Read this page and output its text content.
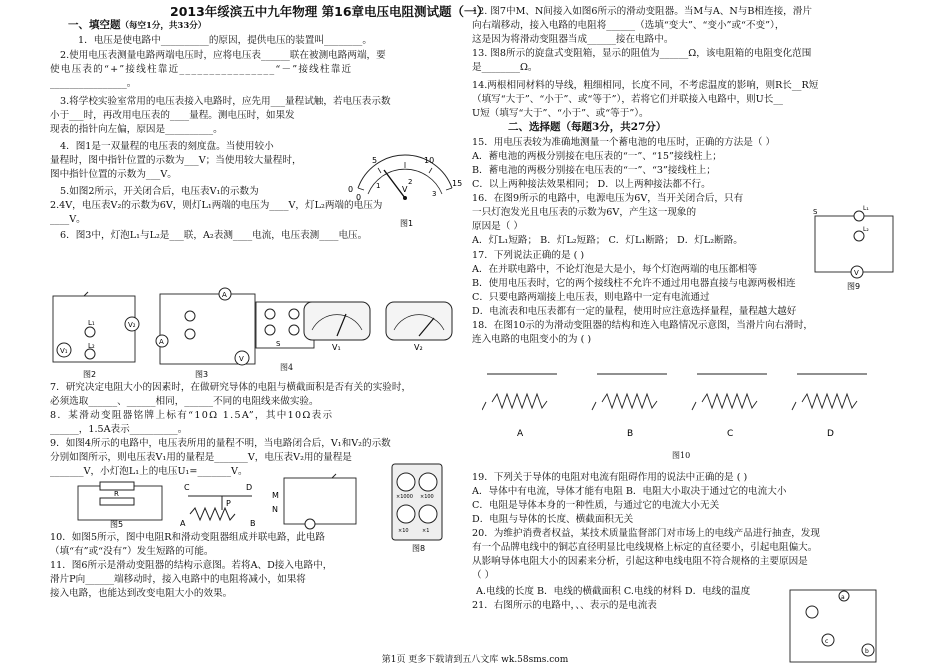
2013年绥滨五中九年物理 第16章电压电阻测试题（一）
一、填空题（每空1分，共33分）
1．电压是使电路中__________的原因，提供电压的装置叫________。
2.使用电压表测量电路两端电压时，应将电压表______联在被测电路两端，要
使电压表的“+”接线柱靠近________________“－”接线柱靠近
________________。
3.将学校实验室常用的电压表接入电路时，应先用___量程试触，若电压表示数
小于___时，再改用电压表的____量程。测电压时，如果发
现表的指针向左偏，原因是__________。
4．图1是一双量程的电压表的刻度盘。当使用较小
量程时，图中指针位置的示数为___V；当使用较大量程时，
图中指针位置的示数为___V。
5.如图2所示，开关闭合后，电压表V₁的示数为
2.4V，电压表V₂的示数为6V，则灯L₁两端的电压为____V，灯L₂两端的电压为
____V。
6．图3中，灯泡L₁与L₂是___联，A₂表测____电流，电压表测____电压。
0
5	10
15
1	2
3
V
0
图1
V₂
V₁
L₁
L₂
图2
A
A
V
图3
S	V₁	V₂
图4
7．研究决定电阻大小的因素时，在做研究导体的电阻与横截面积是否有关的实验时，
必须选取______、______相同，______不同的电阻线来做实验。
8．某滑动变阻器铭牌上标有“10Ω 1.5A”，其中10Ω表示
______，1.5A表示__________。
9．如图4所示的电路中，电压表所用的量程不明，当电路闭合后，V₁和V₂的示数
分别如图所示，则电压表V₁用的量程是_______V，电压表V₂用的量程是
_______V，小灯泡L₁上的电压U₁=_______V。
R
图5
C	D
P
A	B
M
N
×1000 ×100
×10	×1
图8
10．如图5所示，图中电阻R和滑动变阻器组成并联电路，此电路
（填“有”或“没有”）发生短路的可能。
11．图6所示是滑动变阻器的结构示意图。若将A、D接入电路中，
滑片P向______端移动时，接入电路中的电阻将减小，如果将
接入电路，也能达到改变电阻大小的效果。
12. 图7中M、N间接入如图6所示的滑动变阻器。当M与A、N与B相连接，滑片
向右端移动，接入电路的电阻将______（选填“变大”、“变小”或“不变”），
这是因为将滑动变阻器当成______接在电路中。
13. 图8所示的旋盘式变阻箱，显示的阻值为______Ω，该电阻箱的电阻变化范围
是________Ω。
14.两根相同材料的导线，粗细相同，长度不同，不考虑温度的影响，则R长__R短
（填写“大于”、“小于”、或“等于”），若将它们并联接入电路中，则U长__
U短（填写“大于”、“小于”、或“等于”）。
二、选择题（每题3分，共27分）
15．用电压表较为准确地测量一个蓄电池的电压时，正确的方法是（ ）
A．蓄电池的两极分别接在电压表的“一”、“15”接线柱上；
B．蓄电池的两极分别接在电压表的“一”、“3”接线柱上；
C．以上两种接法效果相同； D．以上两种接法都不行。
16．在图9所示的电路中，电源电压为6V，当开关闭合后，只有
一只灯泡发光且电压表的示数为6V，产生这一现象的
原因是（ ）
A．灯L₁短路； B．灯L₂短路； C．灯L₁断路； D．灯L₂断路。
S	L₁
L₂
V
图9
17．下列说法正确的是 ( )
A．在并联电路中，不论灯泡是大是小，每个灯泡两端的电压都相等
B．使用电压表时，它的两个接线柱不允许不通过用电器直接与电源两极相连
C．只要电路两端接上电压表，则电路中一定有电流通过
D．电流表和电压表都有一定的量程，使用时应注意选择量程，量程越大越好
18．在图10示的为滑动变阻器的结构和连入电路情况示意图，当滑片向右滑时，
连入电路的电阻变小的为 ( )
A	B	C	D
图10
19．下列关于导体的电阻对电流有阻碍作用的说法中正确的是 ( )
A．导体中有电流，导体才能有电阻 B．电阻大小取决于通过它的电流大小
C．电阻是导体本身的一种性质，与通过它的电流大小无关
D．电阻与导体的长度、横截面积无关
20．为维护消费者权益，某技术质量监督部门对市场上的电线产品进行抽查，发现
有一个品牌电线中的铜芯直径明显比电线规格上标定的直径要小，引起电阻偏大。
从影响导体电阻大小的因素来分析，引起这种电线电阻不符合规格的主要原因是
（ ）
A.电线的长度 B．电线的横截面积 C.电线的材料 D．电线的温度
21．右图所示的电路中，、、表示的是电流表
a
c
b
第1页 更多下载请到五八文库 wk.58sms.com
